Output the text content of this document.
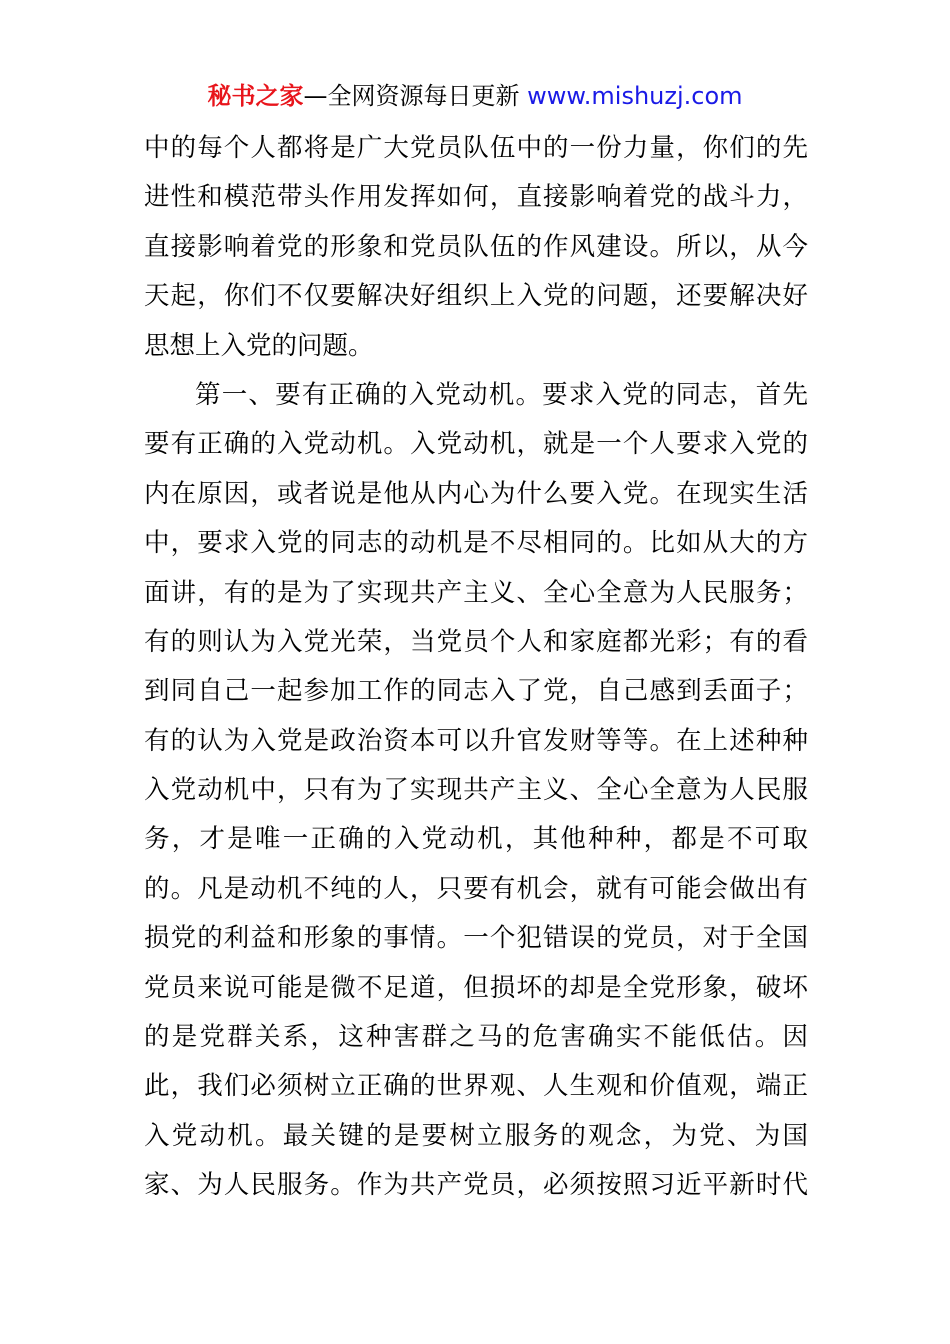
秘书之家—全网资源每日更新 www.mishuzj.com
中的每个人都将是广大党员队伍中的一份力量，你们的先
进性和模范带头作用发挥如何，直接影响着党的战斗力，
直接影响着党的形象和党员队伍的作风建设。所以，从今
天起，你们不仅要解决好组织上入党的问题，还要解决好
思想上入党的问题。
第一、要有正确的入党动机。要求入党的同志，首先
要有正确的入党动机。入党动机，就是一个人要求入党的
内在原因，或者说是他从内心为什么要入党。在现实生活
中，要求入党的同志的动机是不尽相同的。比如从大的方
面讲，有的是为了实现共产主义、全心全意为人民服务；
有的则认为入党光荣，当党员个人和家庭都光彩；有的看
到同自己一起参加工作的同志入了党，自己感到丢面子；
有的认为入党是政治资本可以升官发财等等。在上述种种
入党动机中，只有为了实现共产主义、全心全意为人民服
务，才是唯一正确的入党动机，其他种种，都是不可取
的。凡是动机不纯的人，只要有机会，就有可能会做出有
损党的利益和形象的事情。一个犯错误的党员，对于全国
党员来说可能是微不足道，但损坏的却是全党形象，破坏
的是党群关系，这种害群之马的危害确实不能低估。因
此，我们必须树立正确的世界观、人生观和价值观，端正
入党动机。最关键的是要树立服务的观念，为党、为国
家、为人民服务。作为共产党员，必须按照习近平新时代
